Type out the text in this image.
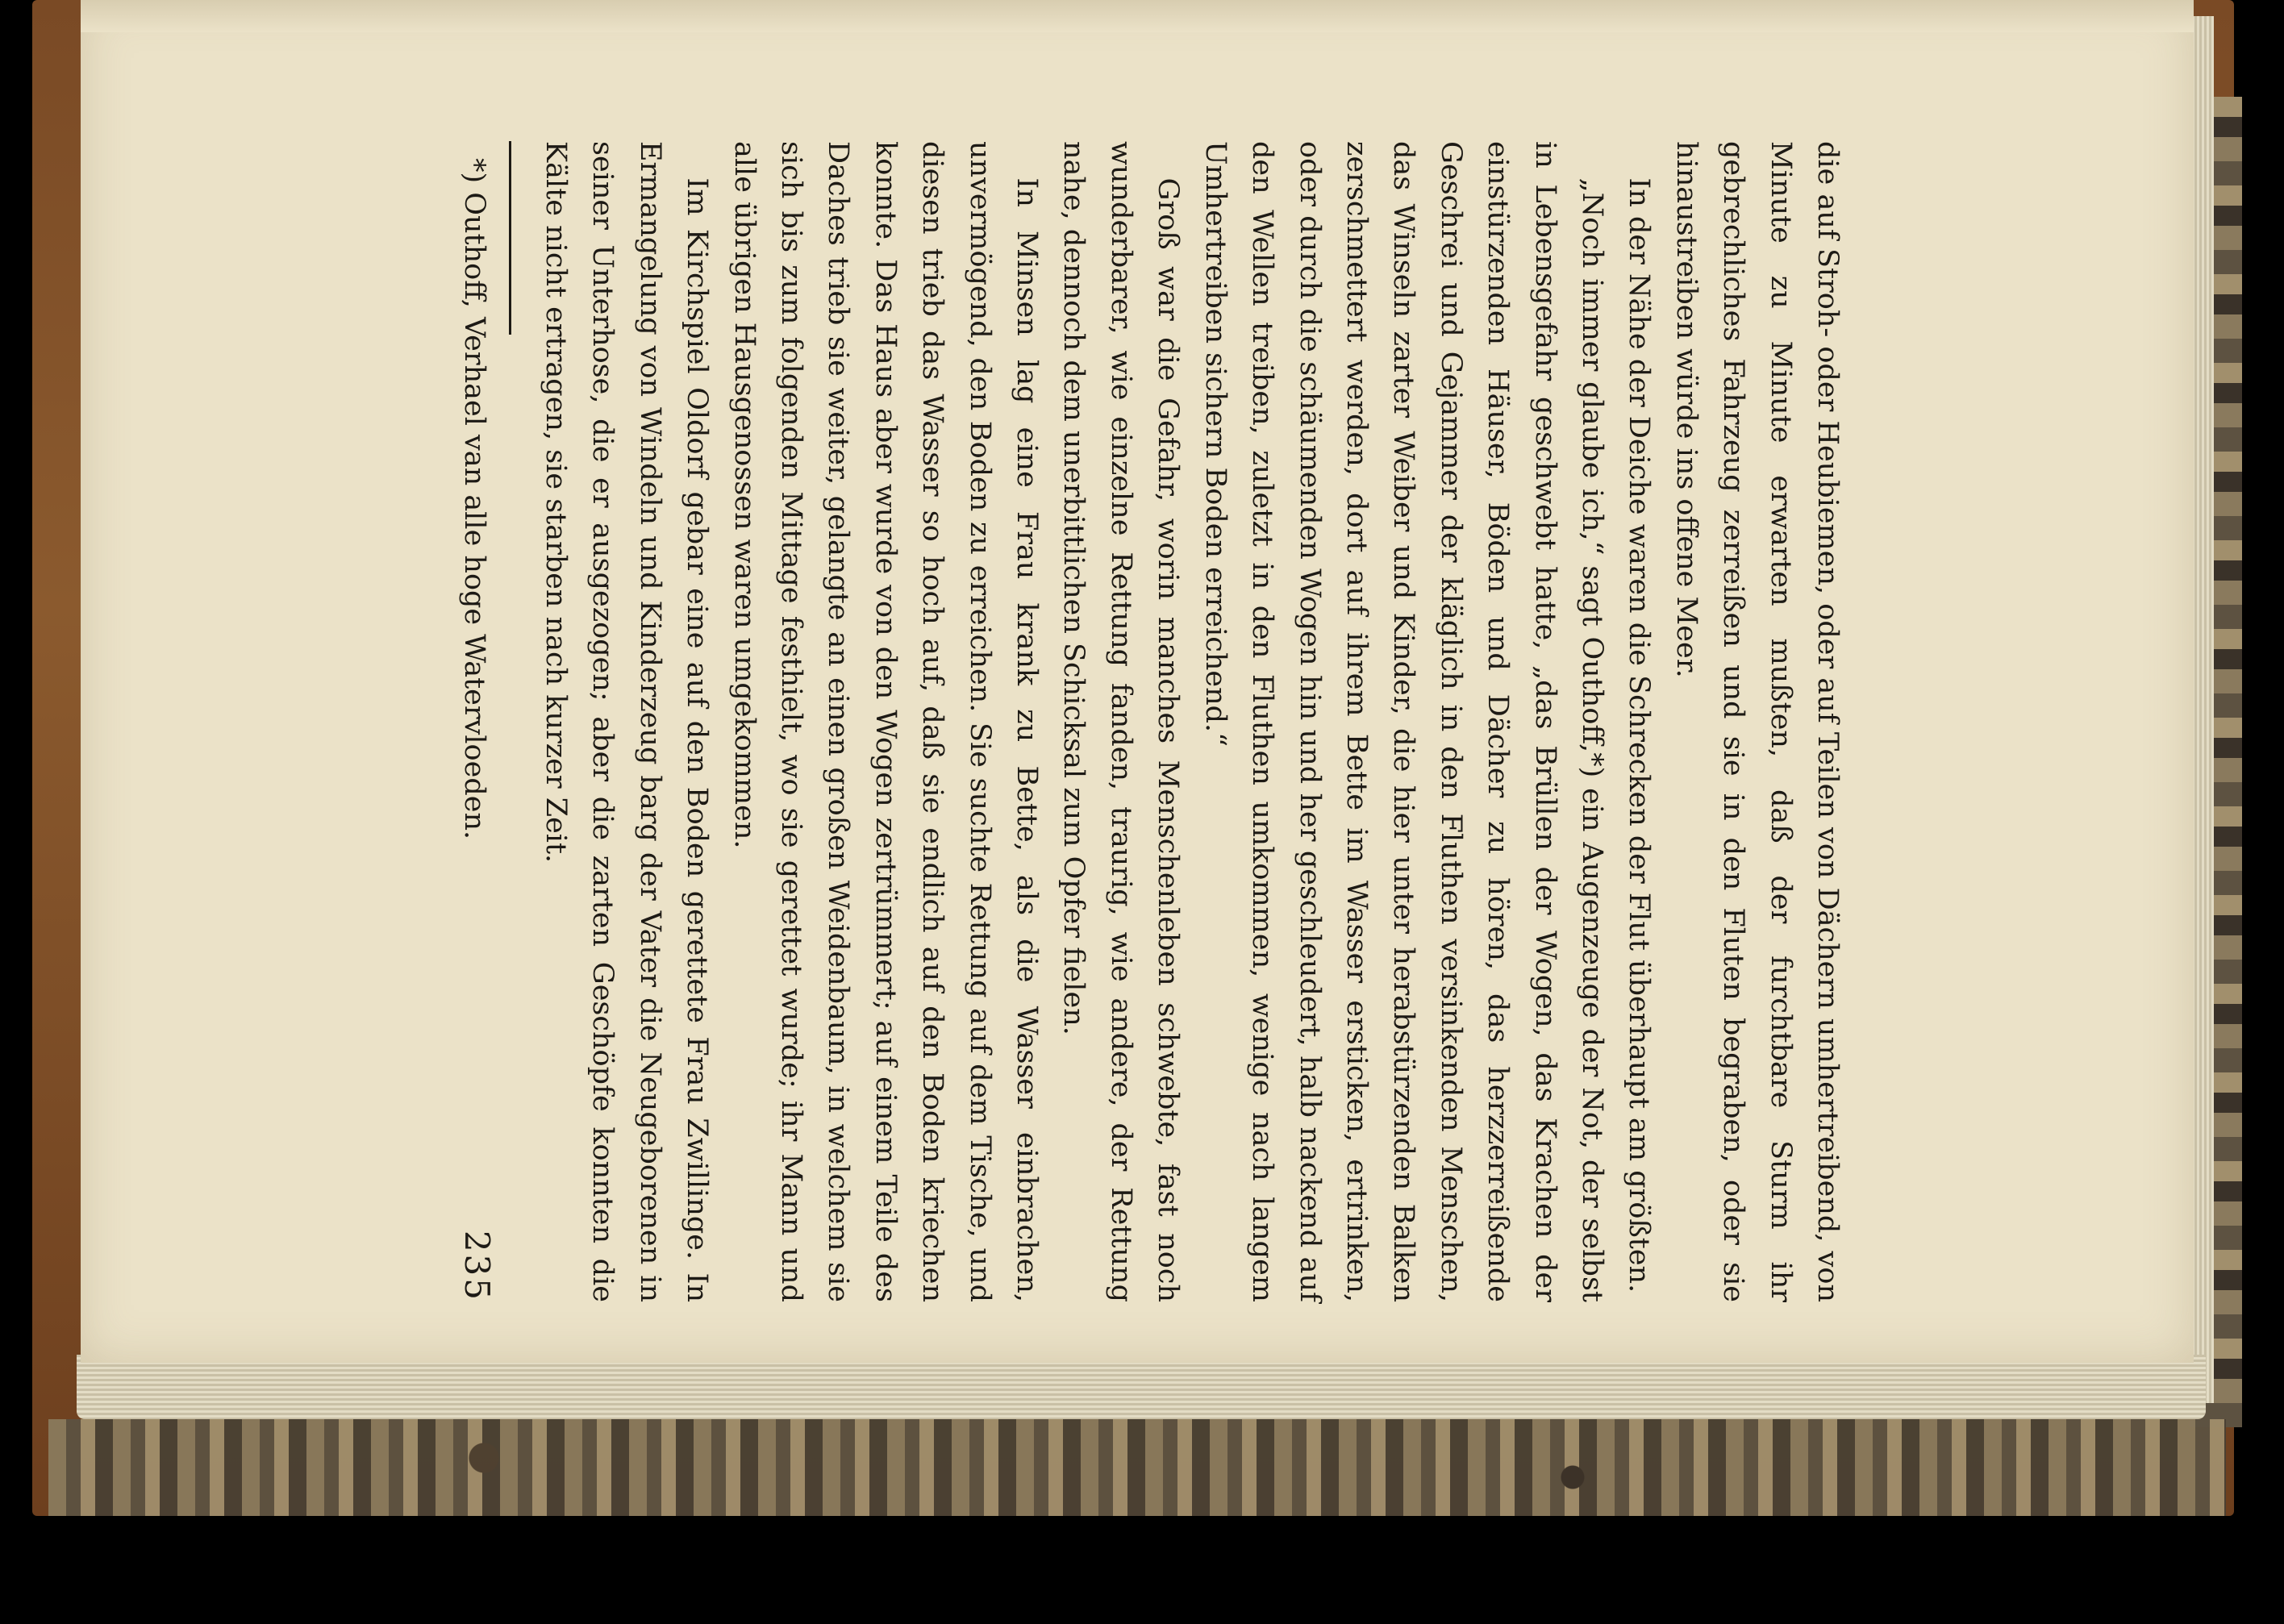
die auf Stroh- oder Heubiemen, oder auf Teilen von Dächern umhertreibend, von Minute zu Minute erwarten mußten, daß der furchtbare Sturm ihr gebrechliches Fahrzeug zerreißen und sie in den Fluten begraben, oder sie hinaustreiben würde ins offene Meer.

In der Nähe der Deiche waren die Schrecken der Flut überhaupt am größten.

„Noch immer glaube ich,“ sagt Outhoff,*) ein Augenzeuge der Not, der selbst in Lebensgefahr geschwebt hatte, „das Brüllen der Wogen, das Krachen der einstürzenden Häuser, Böden und Dächer zu hören, das herzzerreißende Geschrei und Gejammer der kläglich in den Fluthen versinkenden Menschen, das Winseln zarter Weiber und Kinder, die hier unter herabstürzenden Balken zerschmettert werden, dort auf ihrem Bette im Wasser ersticken, ertrinken, oder durch die schäumenden Wogen hin und her geschleudert, halb nackend auf den Wellen treiben, zuletzt in den Fluthen umkommen, wenige nach langem Umhertreiben sichern Boden erreichend.“

Groß war die Gefahr, worin manches Menschenleben schwebte, fast noch wunderbarer, wie einzelne Rettung fanden, traurig, wie andere, der Rettung nahe, dennoch dem unerbittlichen Schicksal zum Opfer fielen.

In Minsen lag eine Frau krank zu Bette, als die Wasser einbrachen, unvermögend, den Boden zu erreichen. Sie suchte Rettung auf dem Tische, und diesen trieb das Wasser so hoch auf, daß sie endlich auf den Boden kriechen konnte. Das Haus aber wurde von den Wogen zertrümmert; auf einem Teile des Daches trieb sie weiter, gelangte an einen großen Weidenbaum, in welchem sie sich bis zum folgenden Mittage festhielt, wo sie gerettet wurde; ihr Mann und alle übrigen Hausgenossen waren umgekommen.

Im Kirchspiel Oldorf gebar eine auf den Boden gerettete Frau Zwillinge. In Ermangelung von Windeln und Kinderzeug barg der Vater die Neugeborenen in seiner Unterhose, die er ausgezogen; aber die zarten Geschöpfe konnten die Kälte nicht ertragen, sie starben nach kurzer Zeit.

*) Outhoff, Verhael van alle hoge Watervloeden.
235
